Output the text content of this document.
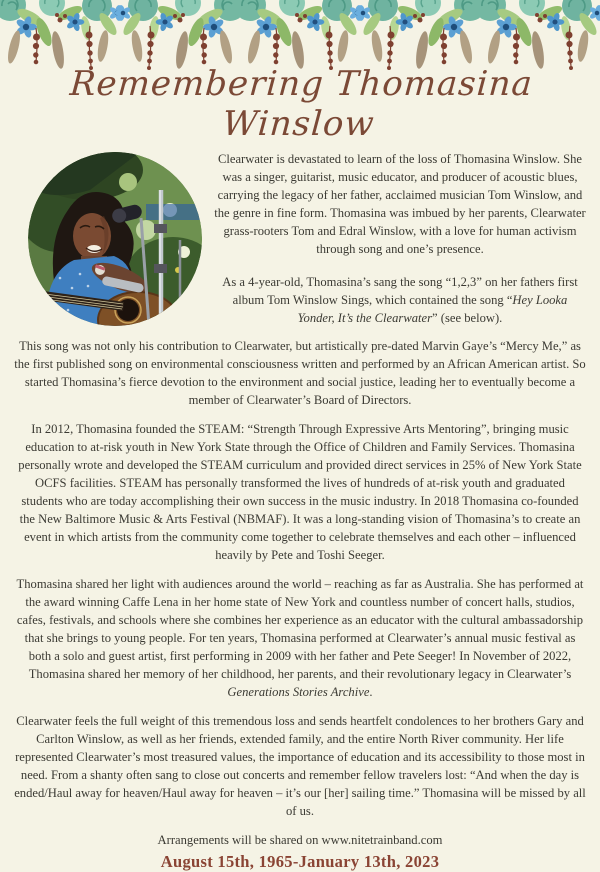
Remembering Thomasina Winslow

Clearwater is devastated to learn of the loss of Thomasina Winslow. She was a singer, guitarist, music educator, and producer of acoustic blues, carrying the legacy of her father, acclaimed musician Tom Winslow, and the genre in fine form. Thomasina was imbued by her parents, Clearwater grass-rooters Tom and Edral Winslow, with a love for human activism through song and one’s presence.

As a 4-year-old, Thomasina’s sang the song “1,2,3” on her fathers first album Tom Winslow Sings, which contained the song “Hey Looka Yonder, It’s the Clearwater” (see below).

This song was not only his contribution to Clearwater, but artistically pre-dated Marvin Gaye’s “Mercy Me,” as the first published song on environmental consciousness written and performed by an African American artist. So started Thomasina’s fierce devotion to the environment and social justice, leading her to eventually become a member of Clearwater’s Board of Directors.

In 2012, Thomasina founded the STEAM: “Strength Through Expressive Arts Mentoring”, bringing music education to at-risk youth in New York State through the Office of Children and Family Services. Thomasina personally wrote and developed the STEAM curriculum and provided direct services in 25% of New York State OCFS facilities. STEAM has personally transformed the lives of hundreds of at-risk youth and graduated students who are today accomplishing their own success in the music industry. In 2018 Thomasina co-founded the New Baltimore Music & Arts Festival (NBMAF). It was a long-standing vision of Thomasina’s to create an event in which artists from the community come together to celebrate themselves and each other – influenced heavily by Pete and Toshi Seeger.

Thomasina shared her light with audiences around the world – reaching as far as Australia. She has performed at the award winning Caffe Lena in her home state of New York and countless number of concert halls, studios, cafes, festivals, and schools where she combines her experience as an educator with the cultural ambassadorship that she brings to young people. For ten years, Thomasina performed at Clearwater’s annual music festival as both a solo and guest artist, first performing in 2009 with her father and Pete Seeger! In November of 2022, Thomasina shared her memory of her childhood, her parents, and their revolutionary legacy in Clearwater’s Generations Stories Archive.

Clearwater feels the full weight of this tremendous loss and sends heartfelt condolences to her brothers Gary and Carlton Winslow, as well as her friends, extended family, and the entire North River community. Her life represented Clearwater’s most treasured values, the importance of education and its accessibility to those most in need. From a shanty often sang to close out concerts and remember fellow travelers lost: “And when the day is ended/Haul away for heaven/Haul away for heaven – it’s our [her] sailing time.” Thomasina will be missed by all of us.

Arrangements will be shared on www.nitetrainband.com

August 15th, 1965-January 13th, 2023
